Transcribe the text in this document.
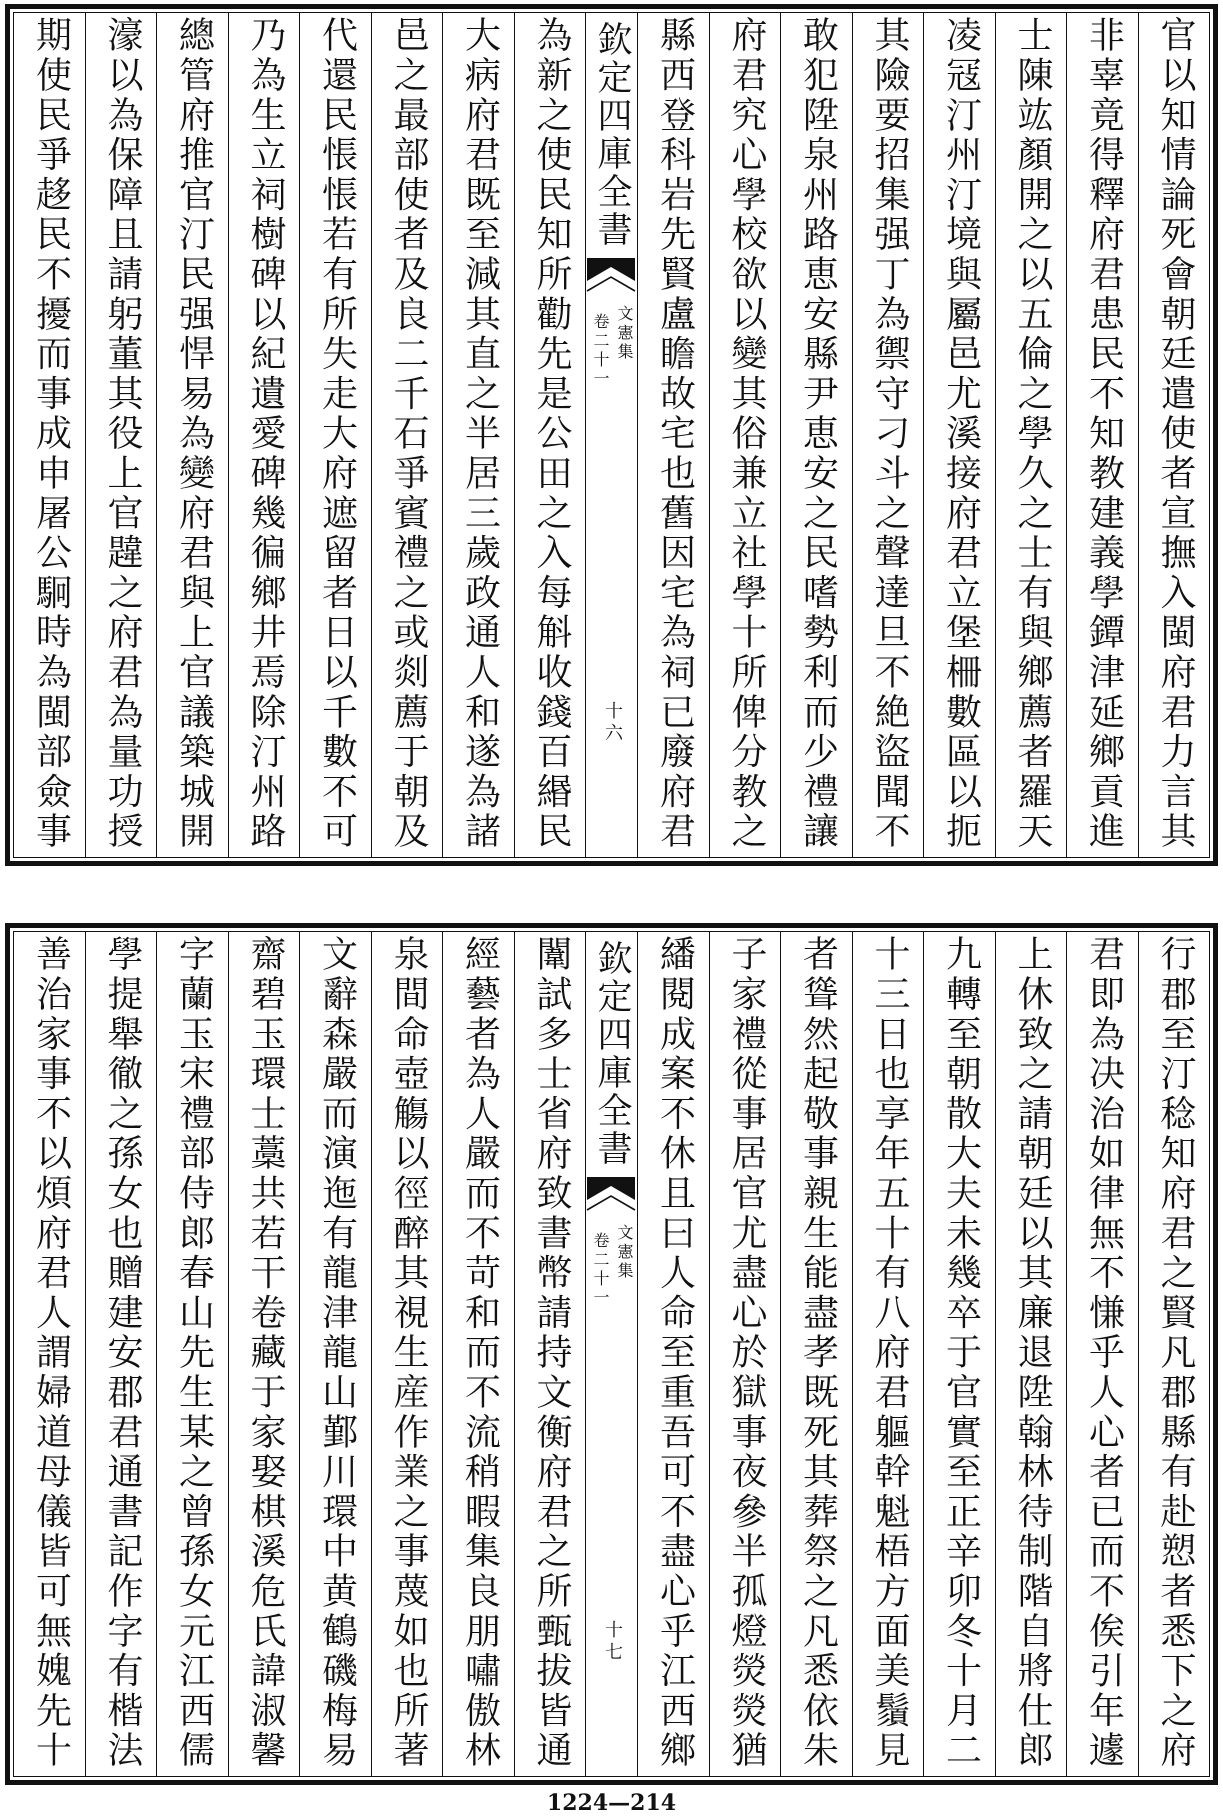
官以知情論死會朝廷遣使者宣撫入閩府君力言其
非辜竟得釋府君患民不知教建義學鐔津延鄉貢進
士陳竑顏開之以五倫之學久之士有與鄉薦者羅天
凌冦汀州汀境與屬邑尤溪接府君立堡柵數區以扼
其險要招集强丁為禦守刁斗之聲達旦不絶盜聞不
敢犯陞泉州路恵安縣尹恵安之民嗜勢利而少禮讓
府君究心學校欲以變其俗兼立社學十所俾分教之
縣西登科岩先賢盧瞻故宅也舊因宅為祠已廢府君
欽定四庫全書
文憲集
卷二十一
十六
為新之使民知所勸先是公田之入每斛收錢百緡民
大病府君既至減其直之半居三歲政通人和遂為諸
邑之最部使者及良二千石爭賓禮之或剡薦于朝及
代還民悵悵若有所失走大府遮留者日以千數不可
乃為生立祠樹碑以紀遺愛碑幾徧鄉井焉除汀州路
總管府推官汀民强悍易為變府君與上官議築城開
濠以為保障且請躬董其役上官韙之府君為量功授
期使民爭趍民不擾而事成申屠公駉時為閩部僉事
行郡至汀稔知府君之賢凡郡縣有赴愬者悉下之府
君即為决治如律無不慊乎人心者已而不俟引年遽
上休致之請朝廷以其廉退陞翰林待制階自將仕郎
九轉至朝散大夫未幾卒于官實至正辛卯冬十月二
十三日也享年五十有八府君軀幹魁梧方面美鬚見
者聳然起敬事親生能盡孝既死其葬祭之凡悉依朱
子家禮從事居官尤盡心於獄事夜參半孤燈熒熒猶
繙閱成案不休且曰人命至重吾可不盡心乎江西鄉
欽定四庫全書
文憲集
卷二十一
十七
闈試多士省府致書幣請持文衡府君之所甄拔皆通
經藝者為人嚴而不苛和而不流稍暇集良朋嘯傲林
泉間命壺觴以徑醉其視生産作業之事蔑如也所著
文辭森嚴而演迤有龍津龍山鄞川環中黄鶴磯梅易
齋碧玉環士藁共若干卷藏于家娶棋溪危氏諱淑馨
字蘭玉宋禮部侍郎春山先生某之曾孫女元江西儒
學提舉徹之孫女也贈建安郡君通書記作字有楷法
善治家事不以煩府君人謂婦道母儀皆可無媿先十
1224—214
